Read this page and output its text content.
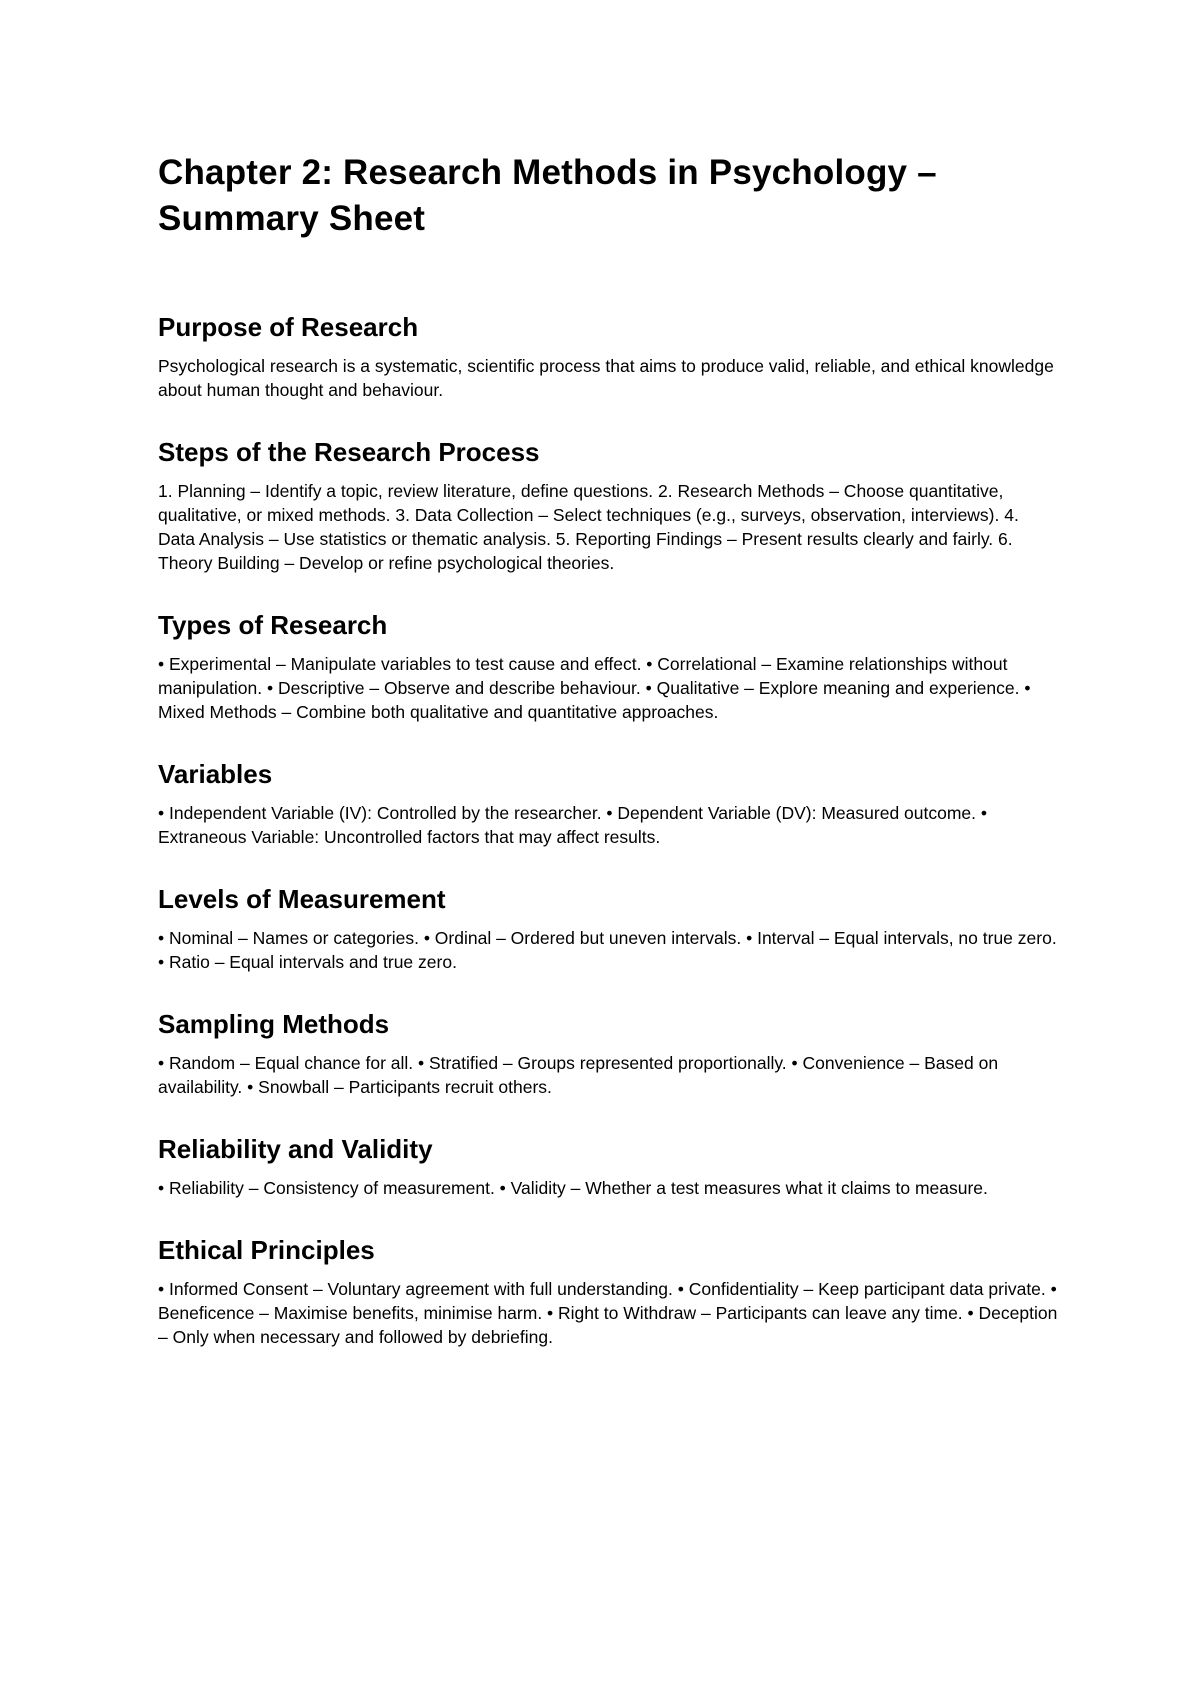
Chapter 2: Research Methods in Psychology – Summary Sheet
Purpose of Research

Psychological research is a systematic, scientific process that aims to produce valid, reliable, and ethical knowledge about human thought and behaviour.

Steps of the Research Process

1. Planning – Identify a topic, review literature, define questions. 2. Research Methods – Choose quantitative, qualitative, or mixed methods. 3. Data Collection – Select techniques (e.g., surveys, observation, interviews). 4. Data Analysis – Use statistics or thematic analysis. 5. Reporting Findings – Present results clearly and fairly. 6. Theory Building – Develop or refine psychological theories.

Types of Research

• Experimental – Manipulate variables to test cause and effect. • Correlational – Examine relationships without manipulation. • Descriptive – Observe and describe behaviour. • Qualitative – Explore meaning and experience. • Mixed Methods – Combine both qualitative and quantitative approaches.

Variables

• Independent Variable (IV): Controlled by the researcher. • Dependent Variable (DV): Measured outcome. • Extraneous Variable: Uncontrolled factors that may affect results.

Levels of Measurement

• Nominal – Names or categories. • Ordinal – Ordered but uneven intervals. • Interval – Equal intervals, no true zero. • Ratio – Equal intervals and true zero.

Sampling Methods

• Random – Equal chance for all. • Stratified – Groups represented proportionally. • Convenience – Based on availability. • Snowball – Participants recruit others.

Reliability and Validity

• Reliability – Consistency of measurement. • Validity – Whether a test measures what it claims to measure.

Ethical Principles

• Informed Consent – Voluntary agreement with full understanding. • Confidentiality – Keep participant data private. • Beneficence – Maximise benefits, minimise harm. • Right to Withdraw – Participants can leave any time. • Deception – Only when necessary and followed by debriefing.
